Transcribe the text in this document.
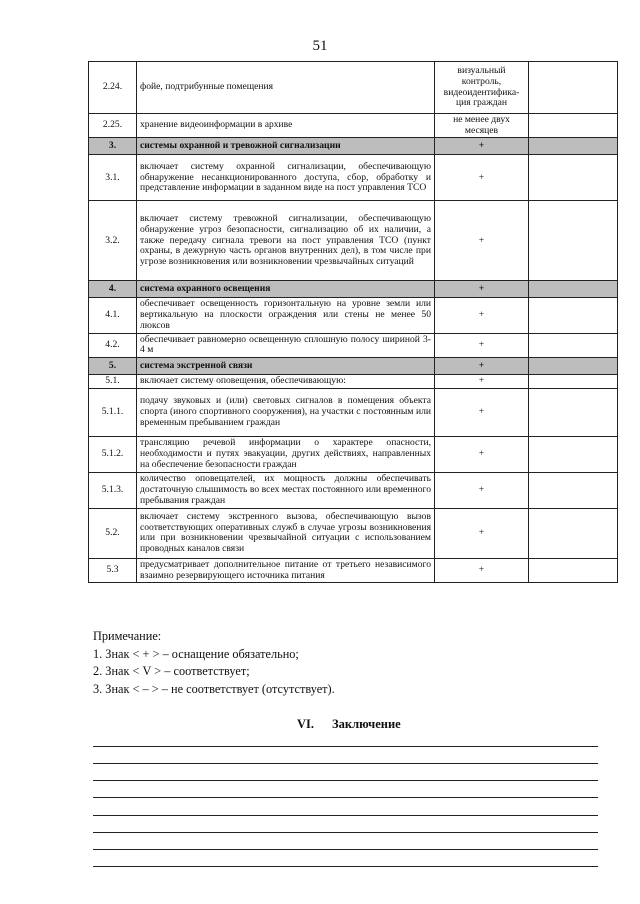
51
2.24.	фойе, подтрибунные помещения	визуальный контроль, видеоидентифика-ция граждан	
2.25.	хранение видеоинформации в архиве	не менее двух месяцев	
3.	системы охранной и тревожной сигнализации	+	
3.1.	включает систему охранной сигнализации, обеспечивающую обнаружение несанкционированного доступа, сбор, обработку и представление информации в заданном виде на пост управления ТСО	+	
3.2.	включает систему тревожной сигнализации, обеспечивающую обнаружение угроз безопасности, сигнализацию об их наличии, а также передачу сигнала тревоги на пост управления ТСО (пункт охраны, в дежурную часть органов внутренних дел), в том числе при угрозе возникновения или возникновении чрезвычайных ситуаций	+	
4.	система охранного освещения	+	
4.1.	обеспечивает освещенность горизонтальную на уровне земли или вертикальную на плоскости ограждения или стены не менее 50 люксов	+	
4.2.	обеспечивает равномерно освещенную сплошную полосу шириной 3-4 м	+	
5.	система экстренной связи	+	
5.1.	включает систему оповещения, обеспечивающую:	+	
5.1.1.	подачу звуковых и (или) световых сигналов в помещения объекта спорта (иного спортивного сооружения), на участки с постоянным или временным пребыванием граждан	+	
5.1.2.	трансляцию речевой информации о характере опасности, необходимости и путях эвакуации, других действиях, направленных на обеспечение безопасности граждан	+	
5.1.3.	количество оповещателей, их мощность должны обеспечивать достаточную слышимость во всех местах постоянного или временного пребывания граждан	+	
5.2.	включает систему экстренного вызова, обеспечивающую вызов соответствующих оперативных служб в случае угрозы возникновения или при возникновении чрезвычайной ситуации с использованием проводных каналов связи	+	
5.3	предусматривает дополнительное питание от третьего независимого взаимно резервирующего источника питания	+	
Примечание:
1. Знак < + > – оснащение обязательно;
2. Знак < V > – соответствует;
3. Знак < – > – не соответствует (отсутствует).
VI. Заключение
